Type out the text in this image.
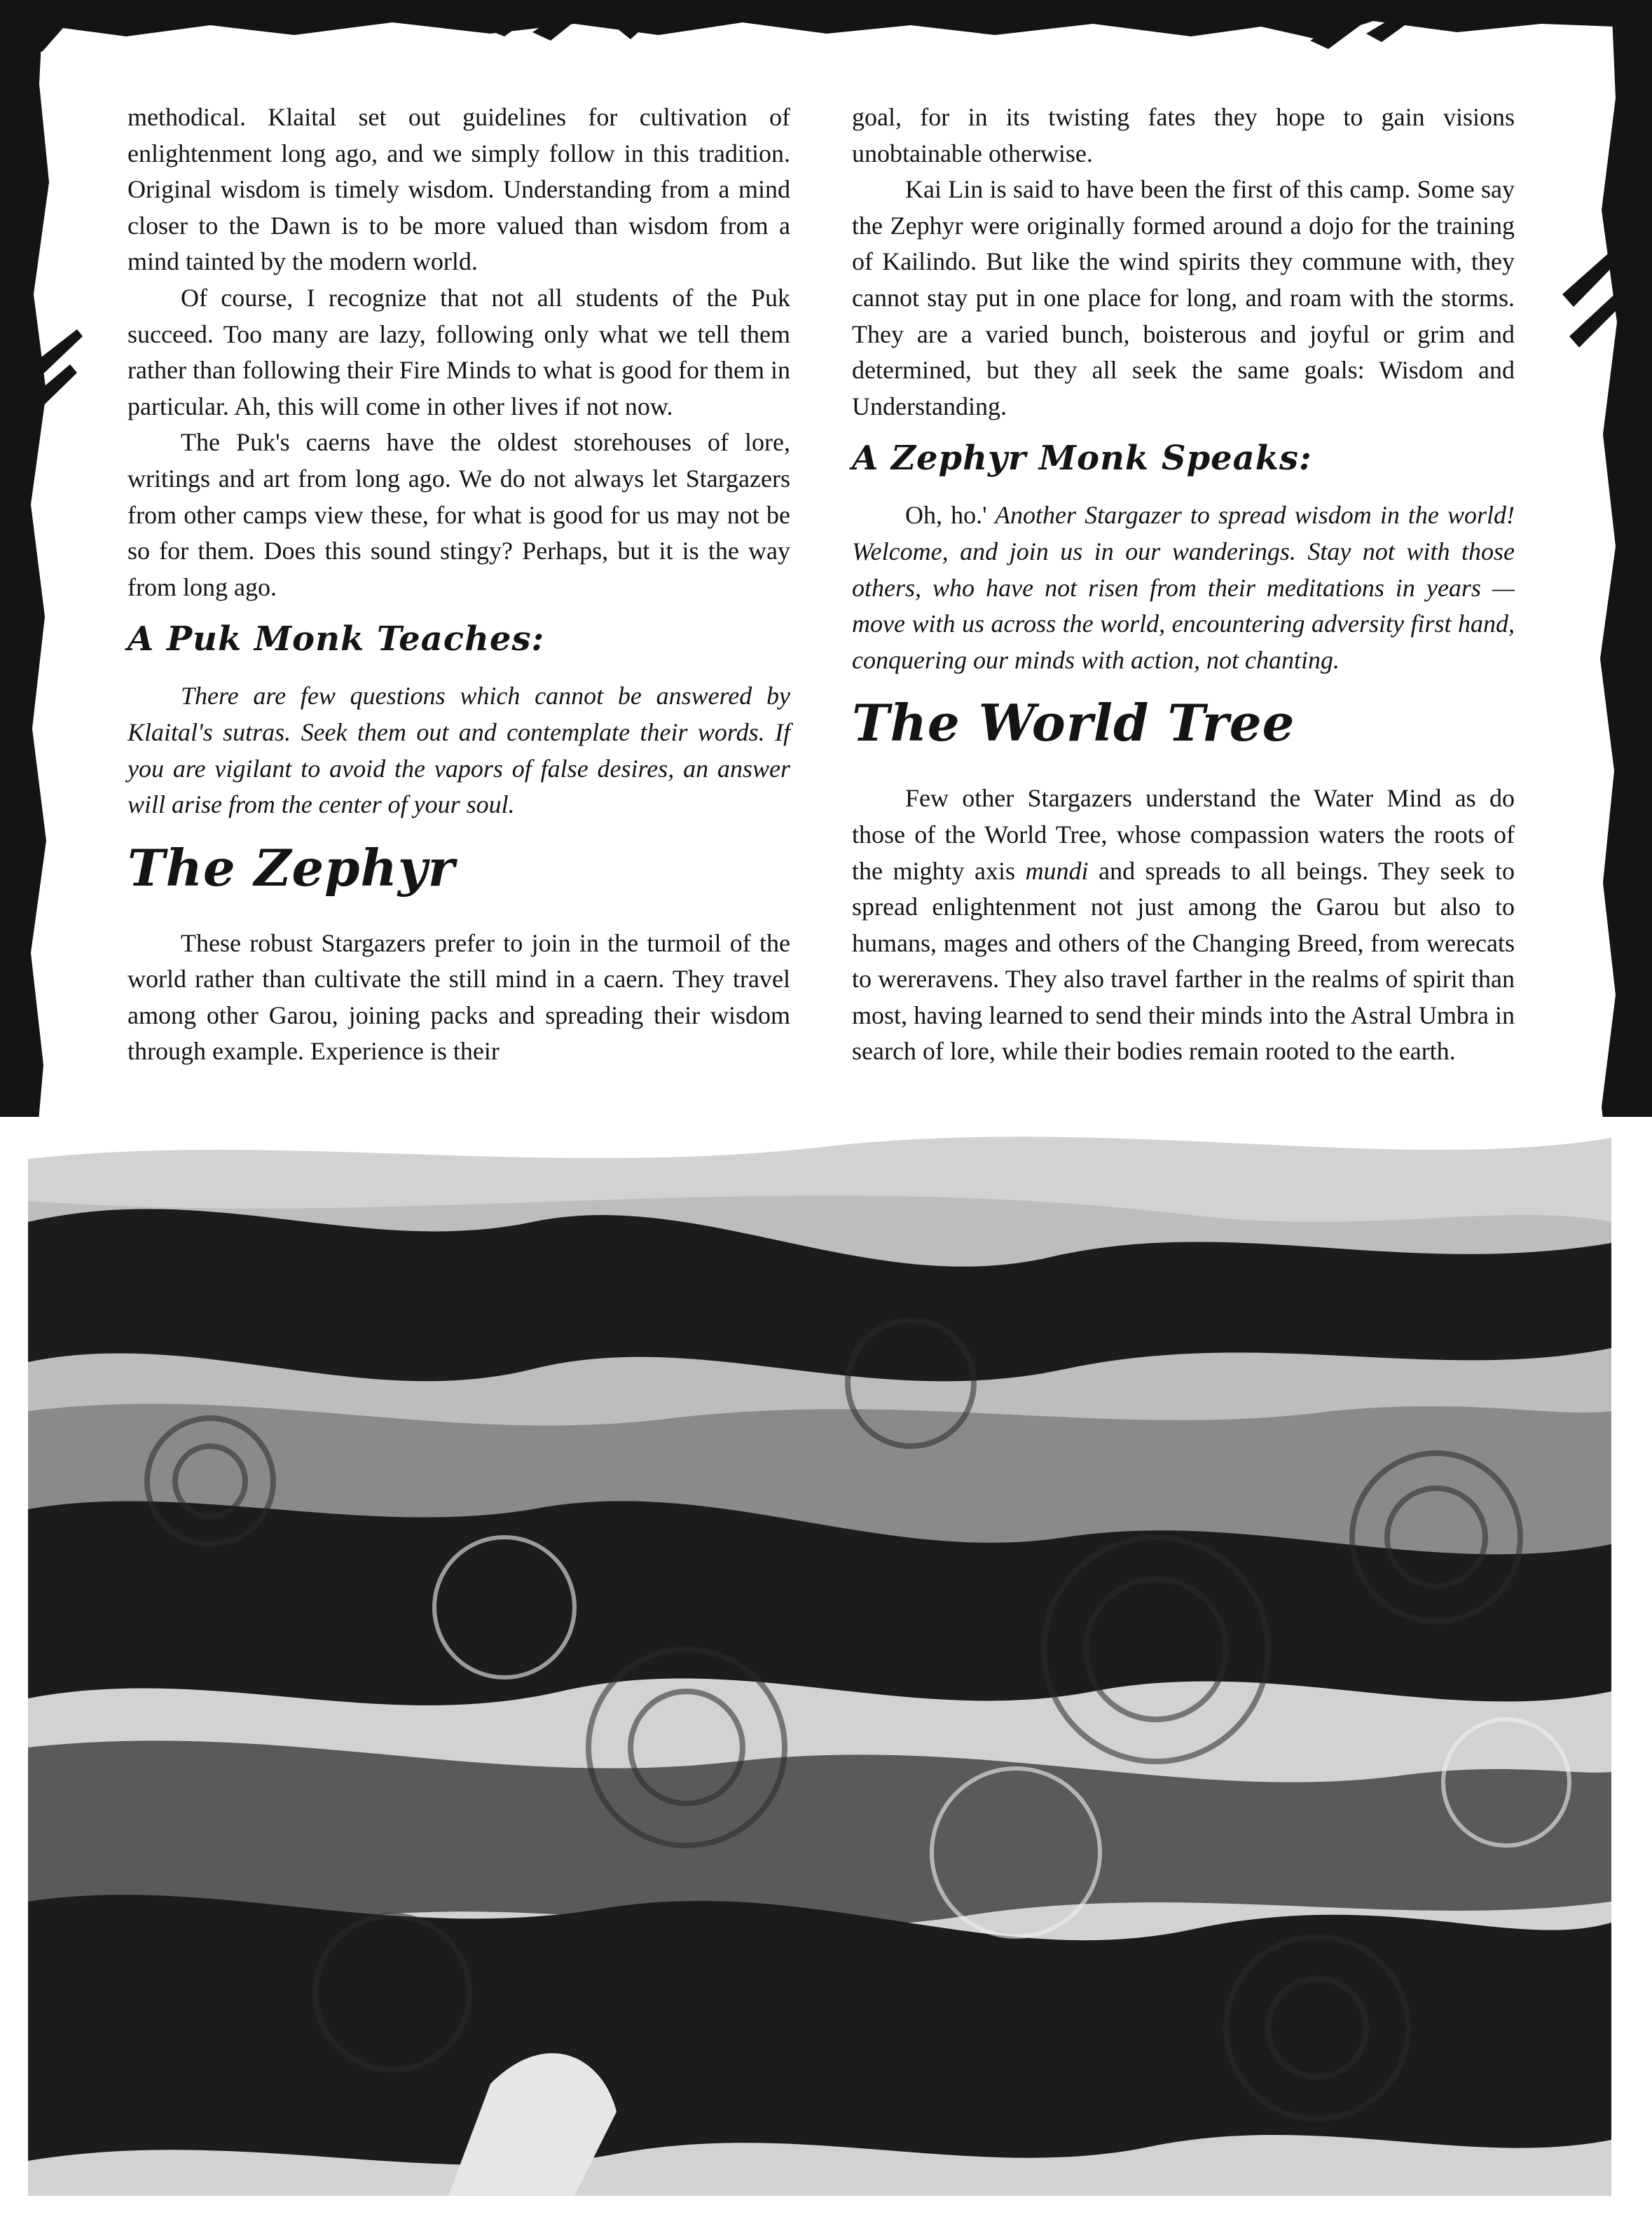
methodical. Klaital set out guidelines for cultivation of enlightenment long ago, and we simply follow in this tradition. Original wisdom is timely wisdom. Understanding from a mind closer to the Dawn is to be more valued than wisdom from a mind tainted by the modern world.

Of course, I recognize that not all students of the Puk succeed. Too many are lazy, following only what we tell them rather than following their Fire Minds to what is good for them in particular. Ah, this will come in other lives if not now.

The Puk's caerns have the oldest storehouses of lore, writings and art from long ago. We do not always let Stargazers from other camps view these, for what is good for us may not be so for them. Does this sound stingy? Perhaps, but it is the way from long ago.

A Puk Monk Teaches:

There are few questions which cannot be answered by Klaital's sutras. Seek them out and contemplate their words. If you are vigilant to avoid the vapors of false desires, an answer will arise from the center of your soul.

The Zephyr

These robust Stargazers prefer to join in the turmoil of the world rather than cultivate the still mind in a caern. They travel among other Garou, joining packs and spreading their wisdom through example. Experience is their

goal, for in its twisting fates they hope to gain visions unobtainable otherwise.

Kai Lin is said to have been the first of this camp. Some say the Zephyr were originally formed around a dojo for the training of Kailindo. But like the wind spirits they commune with, they cannot stay put in one place for long, and roam with the storms. They are a varied bunch, boisterous and joyful or grim and determined, but they all seek the same goals: Wisdom and Understanding.

A Zephyr Monk Speaks:

Oh, ho.' Another Stargazer to spread wisdom in the world! Welcome, and join us in our wanderings. Stay not with those others, who have not risen from their meditations in years — move with us across the world, encountering adversity first hand, conquering our minds with action, not chanting.

The World Tree

Few other Stargazers understand the Water Mind as do those of the World Tree, whose compassion waters the roots of the mighty axis mundi and spreads to all beings. They seek to spread enlightenment not just among the Garou but also to humans, mages and others of the Changing Breed, from werecats to wereravens. They also travel farther in the realms of spirit than most, having learned to send their minds into the Astral Umbra in search of lore, while their bodies remain rooted to the earth.
